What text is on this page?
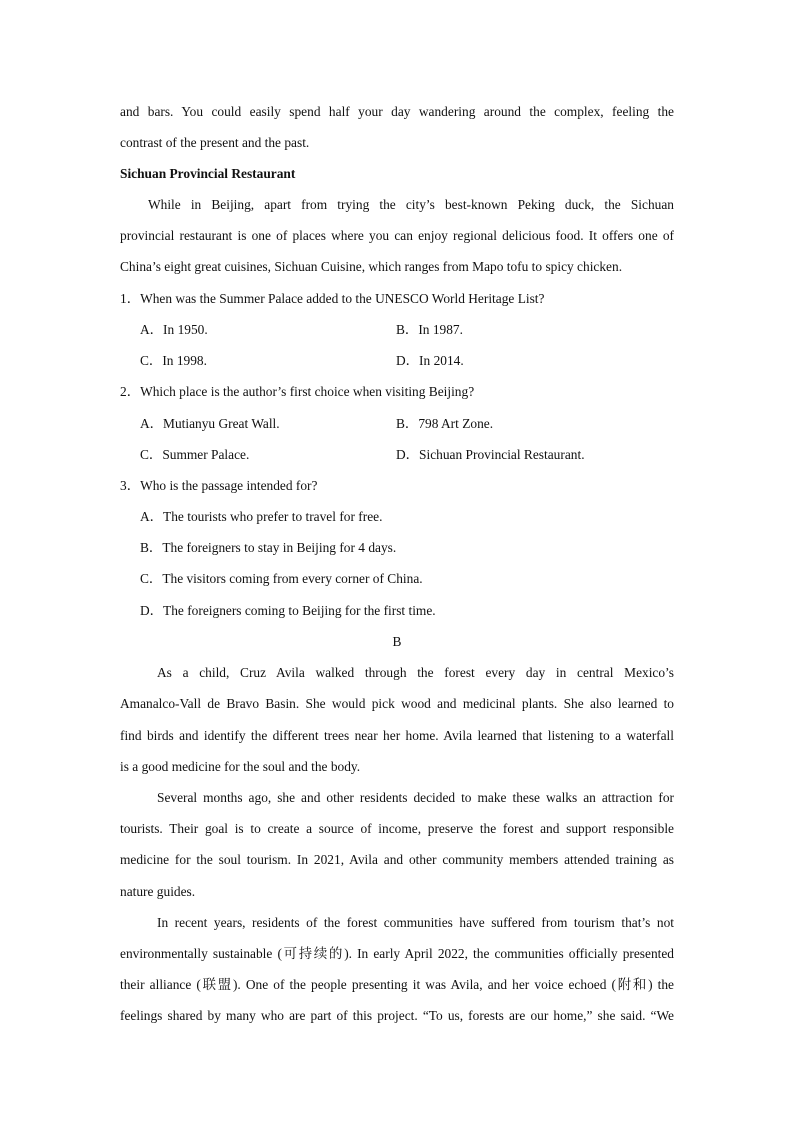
and bars. You could easily spend half your day wandering around the complex, feeling the
contrast of the present and the past.
Sichuan Provincial Restaurant
While in Beijing, apart from trying the city’s best-known Peking duck, the Sichuan
provincial restaurant is one of places where you can enjoy regional delicious food. It offers one of
China’s eight great cuisines, Sichuan Cuisine, which ranges from Mapo tofu to spicy chicken.
1．When was the Summer Palace added to the UNESCO World Heritage List?
A．In 1950.	B．In 1987.
C．In 1998.	D．In 2014.
2．Which place is the author’s first choice when visiting Beijing?
A．Mutianyu Great Wall.	B．798 Art Zone.
C．Summer Palace.	D．Sichuan Provincial Restaurant.
3．Who is the passage intended for?
A．The tourists who prefer to travel for free.
B．The foreigners to stay in Beijing for 4 days.
C．The visitors coming from every corner of China.
D．The foreigners coming to Beijing for the first time.
B
As a child, Cruz Avila walked through the forest every day in central Mexico’s
Amanalco-Vall de Bravo Basin. She would pick wood and medicinal plants. She also learned to
find birds and identify the different trees near her home. Avila learned that listening to a waterfall
is a good medicine for the soul and the body.
Several months ago, she and other residents decided to make these walks an attraction for
tourists. Their goal is to create a source of income, preserve the forest and support responsible
medicine for the soul tourism. In 2021, Avila and other community members attended training as
nature guides.
In recent years, residents of the forest communities have suffered from tourism that’s not
environmentally sustainable (可持续的). In early April 2022, the communities officially presented
their alliance (联盟). One of the people presenting it was Avila, and her voice echoed (附和) the
feelings shared by many who are part of this project. “To us, forests are our home,” she said. “We
